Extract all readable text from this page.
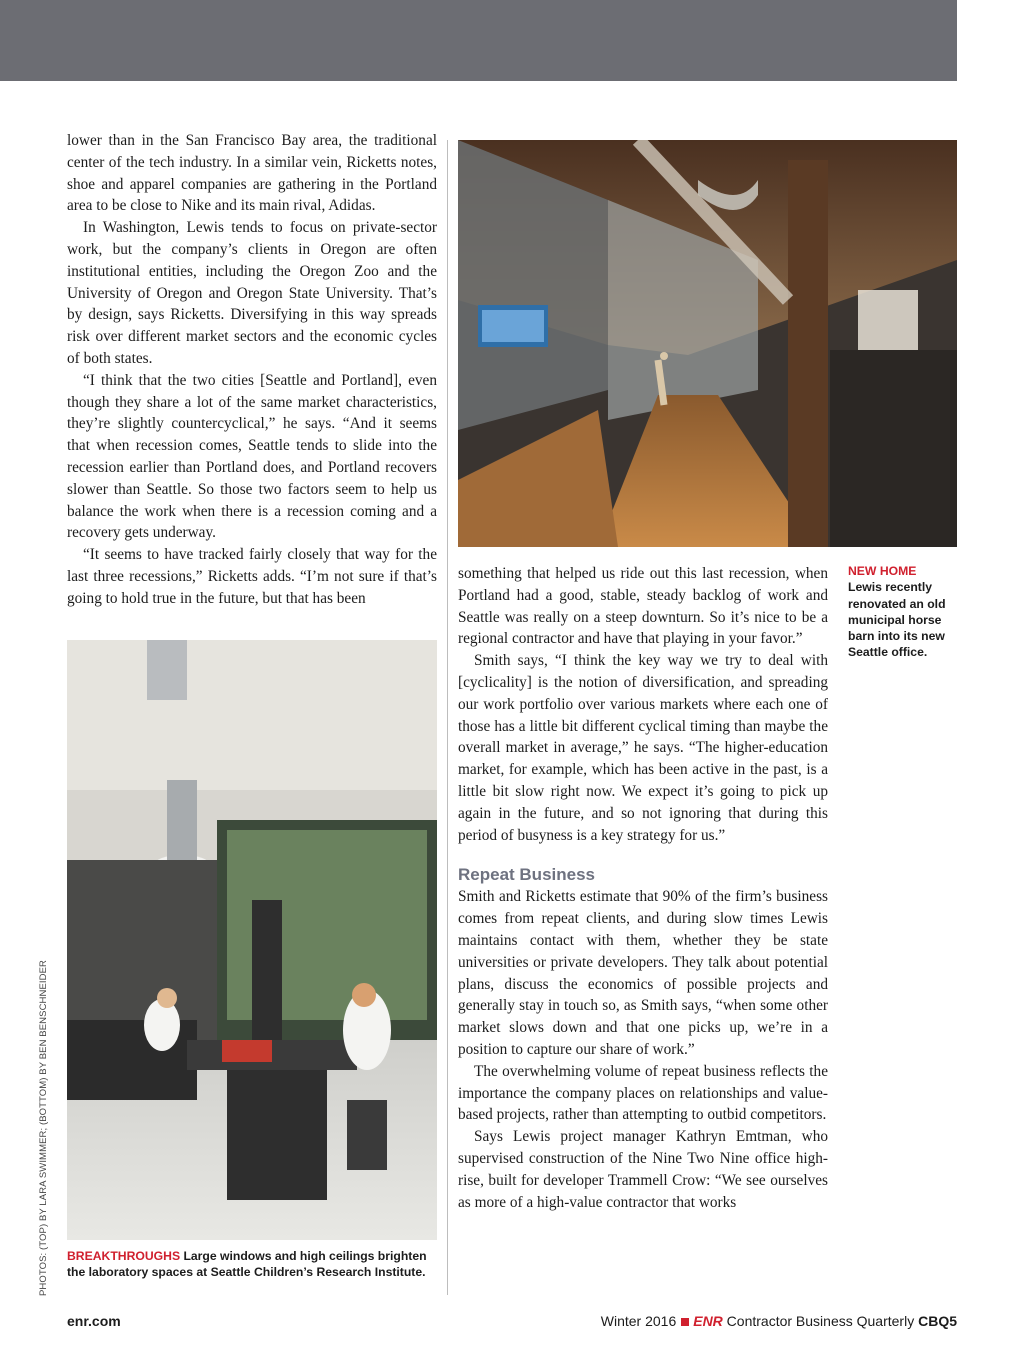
lower than in the San Francisco Bay area, the traditional center of the tech industry. In a similar vein, Ricketts notes, shoe and apparel companies are gathering in the Portland area to be close to Nike and its main rival, Adidas.

In Washington, Lewis tends to focus on private-sector work, but the company’s clients in Oregon are often institutional entities, including the Oregon Zoo and the University of Oregon and Oregon State University. That’s by design, says Ricketts. Diversifying in this way spreads risk over different market sectors and the economic cycles of both states.

“I think that the two cities [Seattle and Portland], even though they share a lot of the same market characteristics, they’re slightly countercyclical,” he says. “And it seems that when recession comes, Seattle tends to slide into the recession earlier than Portland does, and Portland recovers slower than Seattle. So those two factors seem to help us balance the work when there is a recession coming and a recovery gets underway.

“It seems to have tracked fairly closely that way for the last three recessions,” Ricketts adds. “I’m not sure if that’s going to hold true in the future, but that has been

something that helped us ride out this last recession, when Portland had a good, stable, steady backlog of work and Seattle was really on a steep downturn. So it’s nice to be a regional contractor and have that playing in your favor.”

Smith says, “I think the key way we try to deal with [cyclicality] is the notion of diversification, and spreading our work portfolio over various markets where each one of those has a little bit different cyclical timing than maybe the overall market in average,” he says. “The higher-education market, for example, which has been active in the past, is a little bit slow right now. We expect it’s going to pick up again in the future, and so not ignoring that during this period of busyness is a key strategy for us.”

Repeat Business

Smith and Ricketts estimate that 90% of the firm’s business comes from repeat clients, and during slow times Lewis maintains contact with them, whether they be state universities or private developers. They talk about potential plans, discuss the economics of possible projects and generally stay in touch so, as Smith says, “when some other market slows down and that one picks up, we’re in a position to capture our share of work.”

The overwhelming volume of repeat business reflects the importance the company places on relationships and value-based projects, rather than attempting to outbid competitors.

Says Lewis project manager Kathryn Emtman, who supervised construction of the Nine Two Nine office high-rise, built for developer Trammell Crow: “We see ourselves as more of a high-value contractor that works

NEW HOME
Lewis recently renovated an old municipal horse barn into its new Seattle office.
BREAKTHROUGHS Large windows and high ceilings brighten the laboratory spaces at Seattle Children’s Research Institute.
PHOTOS: (TOP) BY LARA SWIMMER; (BOTTOM) BY BEN BENSCHNEIDER
enr.com	Winter 2016 ENR Contractor Business Quarterly CBQ5
